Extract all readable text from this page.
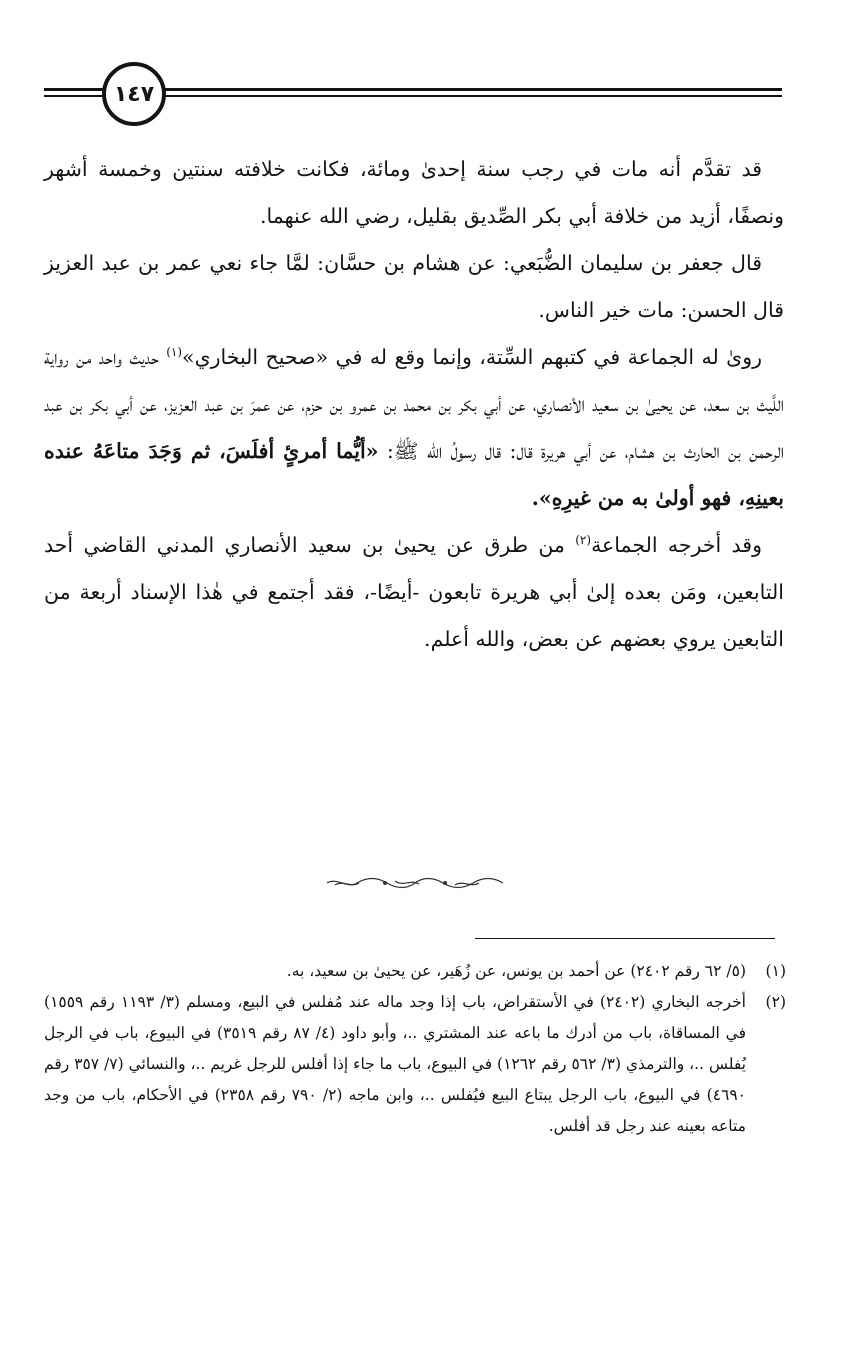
١٤٧

قد تقدَّم أنه مات في رجب سنة إحدىٰ ومائة، فكانت خلافته سنتين وخمسة أشهر ونصفًا، أزيد من خلافة أبي بكر الصِّديق بقليل، رضي الله عنهما.

قال جعفر بن سليمان الضُّبَعي: عن هشام بن حسَّان: لمَّا جاء نعي عمر بن عبد العزيز قال الحسن: مات خير الناس.

رویٰ له الجماعة في كتبهم السِّتة، وإنما وقع له في «صحيح البخاري»$^{(١)}$ حديث واحد من رواية اللَّيث بن سعد، عن يحيىٰ بن سعيد الأنصاري، عن أبي بكر بن محمد بن عمرو بن حزم، عن عمرَ بن عبد العزيز، عن أبي بكر بن عبد الرحمن بن الحارث بن هشام، عن أبي هريرة قال: قال رسولُ الله ﷺ: «أيُّما أمرئٍ أفلَسَ، ثم وَجَدَ متاعَهُ عنده بعينِهِ، فهو أولىٰ به من غيرِهِ».

وقد أخرجه الجماعة$^{(٢)}$ من طرق عن يحيىٰ بن سعيد الأنصاري المدني القاضي أحد التابعين، ومَن بعده إلىٰ أبي هريرة تابعون -أيضًا-، فقد أجتمع في هٰذا الإسناد أربعة من التابعين يروي بعضهم عن بعض، والله أعلم.

(١)
(٥/ ٦٢ رقم ٢٤٠٢) عن أحمد بن يونس، عن زُهَير، عن يحيىٰ بن سعيد، به.
(٢)
أخرجه البخاري (٢٤٠٢) في الأستقراض، باب إذا وجد ماله عند مُفلس في البيع، ومسلم (٣/ ١١٩٣ رقم ١٥٥٩) في المساقاة، باب من أدرك ما باعه عند المشتري ..، وأبو داود (٤/ ٨٧ رقم ٣٥١٩) في البيوع، باب في الرجل يُفلس ..، والترمذي (٣/ ٥٦٢ رقم ١٢٦٢) في البيوع، باب ما جاء إذا أفلس للرجل غريم ..، والنسائي (٧/ ٣٥٧ رقم ٤٦٩٠) في البيوع، باب الرجل يبتاع البيع فيُفلس ..، وابن ماجه (٢/ ٧٩٠ رقم ٢٣٥٨) في الأحكام، باب من وجد متاعه بعينه عند رجل قد أفلس.
